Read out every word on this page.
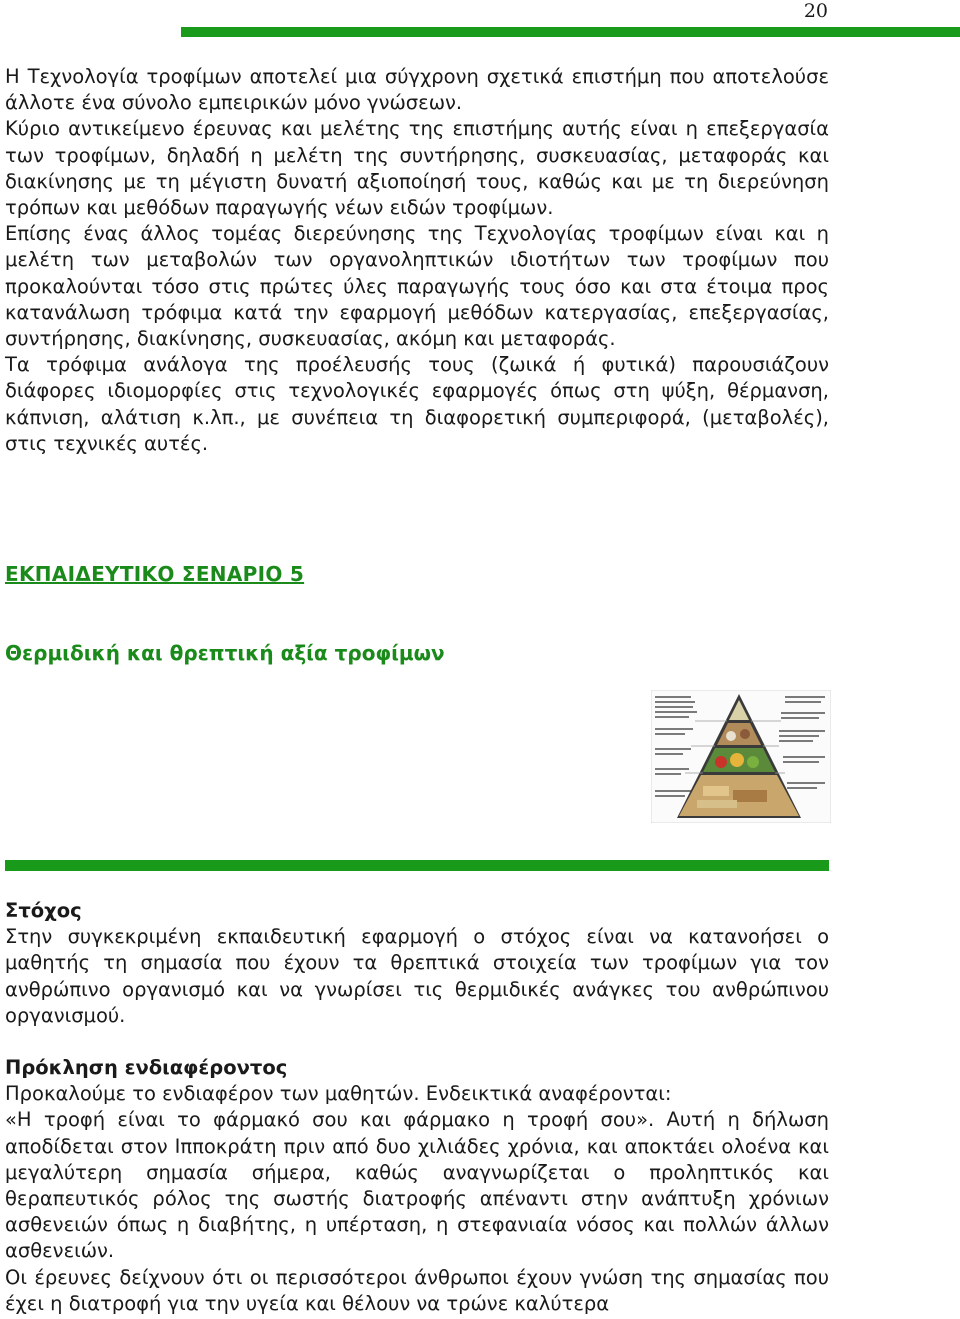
20

Η Τεχνολογία τροφίμων αποτελεί μια σύγχρονη σχετικά επιστήμη που αποτελούσε άλλοτε ένα σύνολο εμπειρικών μόνο γνώσεων.

Κύριο αντικείμενο έρευνας και μελέτης της επιστήμης αυτής είναι η επεξεργασία των τροφίμων, δηλαδή η μελέτη της συντήρησης, συσκευασίας, μεταφοράς και διακίνησης με τη μέγιστη δυνατή αξιοποίησή τους, καθώς και με τη διερεύνηση τρόπων και μεθόδων παραγωγής νέων ειδών τροφίμων.

Επίσης ένας άλλος τομέας διερεύνησης της Τεχνολογίας τροφίμων είναι και η μελέτη των μεταβολών των οργανοληπτικών ιδιοτήτων των τροφίμων που προκαλούνται τόσο στις πρώτες ύλες παραγωγής τους όσο και στα έτοιμα προς κατανάλωση τρόφιμα κατά την εφαρμογή μεθόδων κατεργασίας, επεξεργασίας, συντήρησης, διακίνησης, συσκευασίας, ακόμη και μεταφοράς.

Τα τρόφιμα ανάλογα της προέλευσής τους (ζωικά ή φυτικά) παρουσιάζουν διάφορες ιδιομορφίες στις τεχνολογικές εφαρμογές όπως στη ψύξη, θέρμανση, κάπνιση, αλάτιση κ.λπ., με συνέπεια τη διαφορετική συμπεριφορά, (μεταβολές), στις τεχνικές αυτές.

ΕΚΠΑΙΔΕΥΤΙΚΟ ΣΕΝΑΡΙΟ 5
Θερμιδική και θρεπτική αξία τροφίμων
Στόχος

Στην συγκεκριμένη εκπαιδευτική εφαρμογή ο στόχος είναι να κατανοήσει ο μαθητής τη σημασία που έχουν τα θρεπτικά στοιχεία των τροφίμων για τον ανθρώπινο οργανισμό και να γνωρίσει τις θερμιδικές ανάγκες του ανθρώπινου οργανισμού.

Πρόκληση ενδιαφέροντος

Προκαλούμε το ενδιαφέρον των μαθητών. Ενδεικτικά αναφέρονται:

«Η τροφή είναι το φάρμακό σου και φάρμακο η τροφή σου». Αυτή η δήλωση αποδίδεται στον Ιπποκράτη πριν από δυο χιλιάδες χρόνια, και αποκτάει ολοένα και μεγαλύτερη σημασία σήμερα, καθώς αναγνωρίζεται ο προληπτικός και θεραπευτικός ρόλος της σωστής διατροφής απέναντι στην ανάπτυξη χρόνιων ασθενειών όπως η διαβήτης, η υπέρταση, η στεφανιαία νόσος και πολλών άλλων ασθενειών.

Οι έρευνες δείχνουν ότι οι περισσότεροι άνθρωποι έχουν γνώση της σημασίας που έχει η διατροφή για την υγεία και θέλουν να τρώνε καλύτερα
